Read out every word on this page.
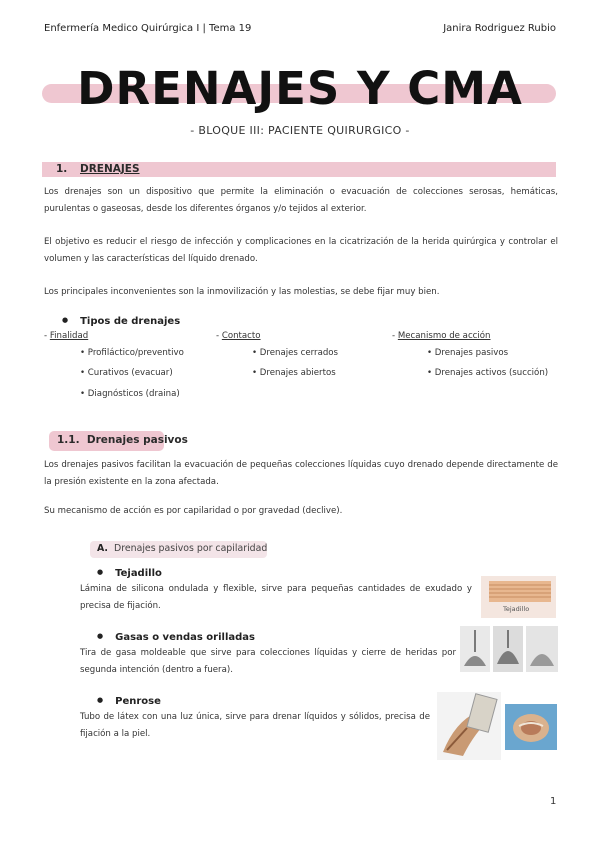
Enfermería Medico Quirúrgica I | Tema 19	Janira Rodriguez Rubio
DRENAJES Y CMA
- BLOQUE III: PACIENTE QUIRURGICO -
1. DRENAJES

Los drenajes son un dispositivo que permite la eliminación o evacuación de colecciones serosas, hemáticas, purulentas o gaseosas, desde los diferentes órganos y/o tejidos al exterior.

El objetivo es reducir el riesgo de infección y complicaciones en la cicatrización de la herida quirúrgica y controlar el volumen y las características del líquido drenado.

Los principales inconvenientes son la inmovilización y las molestias, se debe fijar muy bien.

● Tipos de drenajes
- Finalidad
• Profiláctico/preventivo
• Curativos (evacuar)
• Diagnósticos (draina)
- Contacto
• Drenajes cerrados
• Drenajes abiertos
- Mecanismo de acción
• Drenajes pasivos
• Drenajes activos (succión)
1.1. Drenajes pasivos

Los drenajes pasivos facilitan la evacuación de pequeñas colecciones líquidas cuyo drenado depende directamente de la presión existente en la zona afectada.

Su mecanismo de acción es por capilaridad o por gravedad (declive).

A. Drenajes pasivos por capilaridad
● Tejadillo

Lámina de silicona ondulada y flexible, sirve para pequeñas cantidades de exudado y precisa de fijación.	Tejadillo
● Gasas o vendas orilladas

Tira de gasa moldeable que sirve para colecciones líquidas y cierre de heridas por segunda intención (dentro a fuera).

● Penrose

Tubo de látex con una luz única, sirve para drenar líquidos y sólidos, precisa de fijación a la piel.

1
